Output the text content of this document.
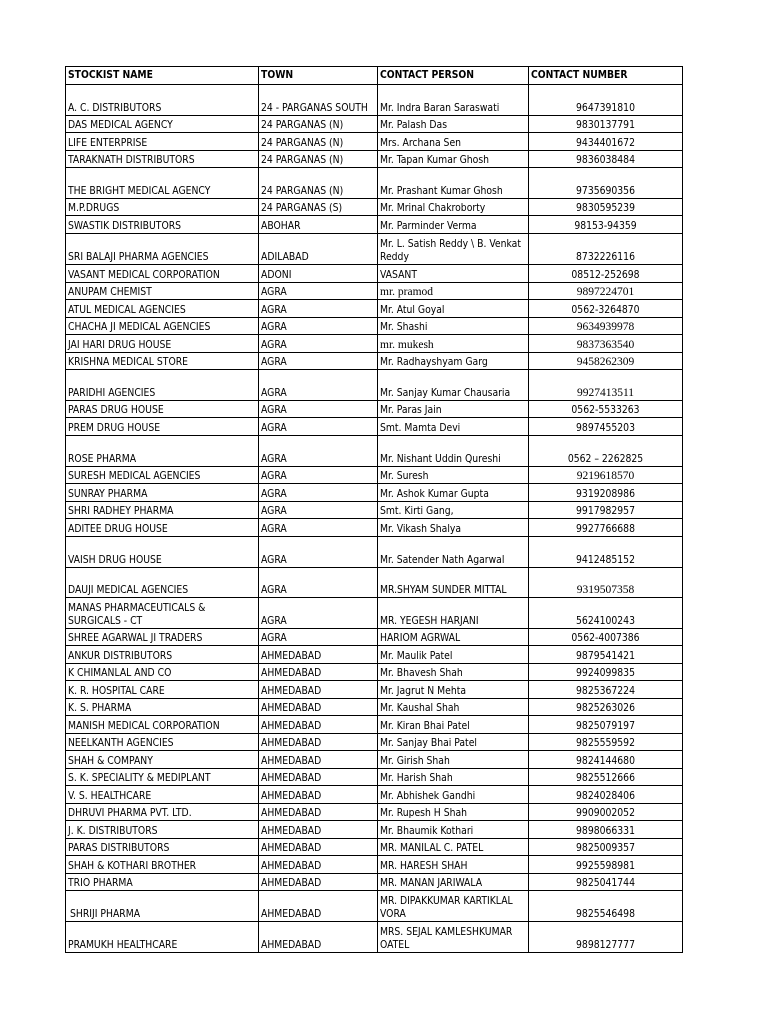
STOCKIST NAME	TOWN	CONTACT PERSON	CONTACT NUMBER
A. C. DISTRIBUTORS	24 - PARGANAS SOUTH	Mr. Indra Baran Saraswati	9647391810
DAS MEDICAL AGENCY	24 PARGANAS (N)	Mr. Palash Das	9830137791
LIFE ENTERPRISE	24 PARGANAS (N)	Mrs. Archana Sen	9434401672
TARAKNATH DISTRIBUTORS	24 PARGANAS (N)	Mr. Tapan Kumar Ghosh	9836038484
THE BRIGHT MEDICAL AGENCY	24 PARGANAS (N)	Mr. Prashant Kumar Ghosh	9735690356
M.P.DRUGS	24 PARGANAS (S)	Mr. Mrinal Chakroborty	9830595239
SWASTIK DISTRIBUTORS	ABOHAR	Mr. Parminder Verma	98153-94359
SRI BALAJI PHARMA AGENCIES	ADILABAD	Mr. L. Satish Reddy \ B. Venkat Reddy	8732226116
VASANT MEDICAL CORPORATION	ADONI	VASANT	08512-252698
ANUPAM CHEMIST	AGRA	mr. pramod	9897224701
ATUL MEDICAL AGENCIES	AGRA	Mr. Atul Goyal	0562-3264870
CHACHA JI MEDICAL AGENCIES	AGRA	Mr. Shashi	9634939978
JAI HARI DRUG HOUSE	AGRA	mr. mukesh	9837363540
KRISHNA MEDICAL STORE	AGRA	Mr. Radhayshyam Garg	9458262309
PARIDHI AGENCIES	AGRA	Mr. Sanjay Kumar Chausaria	9927413511
PARAS DRUG HOUSE	AGRA	Mr. Paras Jain	0562-5533263
PREM DRUG HOUSE	AGRA	Smt. Mamta Devi	9897455203
ROSE PHARMA	AGRA	Mr. Nishant Uddin Qureshi	0562 – 2262825
SURESH MEDICAL AGENCIES	AGRA	Mr. Suresh	9219618570
SUNRAY PHARMA	AGRA	Mr. Ashok Kumar Gupta	9319208986
SHRI RADHEY PHARMA	AGRA	Smt. Kirti Gang,	9917982957
ADITEE DRUG HOUSE	AGRA	Mr. Vikash Shalya	9927766688
VAISH DRUG HOUSE	AGRA	Mr. Satender Nath Agarwal	9412485152
DAUJI MEDICAL AGENCIES	AGRA	MR.SHYAM SUNDER MITTAL	9319507358
MANAS PHARMACEUTICALS & SURGICALS - CT	AGRA	MR. YEGESH HARJANI	5624100243
SHREE AGARWAL JI TRADERS	AGRA	HARIOM AGRWAL	0562-4007386
ANKUR DISTRIBUTORS	AHMEDABAD	Mr. Maulik Patel	9879541421
K CHIMANLAL AND CO	AHMEDABAD	Mr. Bhavesh Shah	9924099835
K. R. HOSPITAL CARE	AHMEDABAD	Mr. Jagrut N Mehta	9825367224
K. S. PHARMA	AHMEDABAD	Mr. Kaushal Shah	9825263026
MANISH MEDICAL CORPORATION	AHMEDABAD	Mr. Kiran Bhai Patel	9825079197
NEELKANTH AGENCIES	AHMEDABAD	Mr. Sanjay Bhai Patel	9825559592
SHAH & COMPANY	AHMEDABAD	Mr. Girish Shah	9824144680
S. K. SPECIALITY & MEDIPLANT	AHMEDABAD	Mr. Harish Shah	9825512666
V. S. HEALTHCARE	AHMEDABAD	Mr. Abhishek Gandhi	9824028406
DHRUVI PHARMA PVT. LTD.	AHMEDABAD	Mr. Rupesh H Shah	9909002052
J. K. DISTRIBUTORS	AHMEDABAD	Mr. Bhaumik Kothari	9898066331
PARAS DISTRIBUTORS	AHMEDABAD	MR. MANILAL C. PATEL	9825009357
SHAH & KOTHARI BROTHER	AHMEDABAD	MR. HARESH SHAH	9925598981
TRIO PHARMA	AHMEDABAD	MR. MANAN JARIWALA	9825041744
SHRIJI PHARMA	AHMEDABAD	MR. DIPAKKUMAR KARTIKLAL VORA	9825546498
PRAMUKH HEALTHCARE	AHMEDABAD	MRS. SEJAL KAMLESHKUMAR OATEL	9898127777
